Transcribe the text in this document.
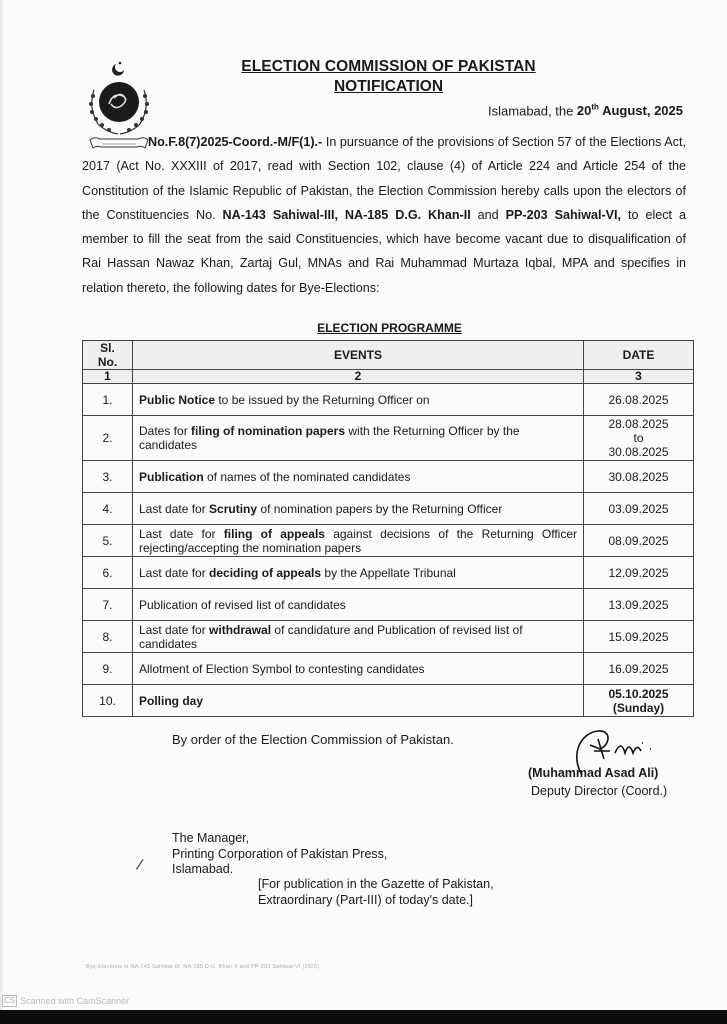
ELECTION COMMISSION OF PAKISTAN
NOTIFICATION
Islamabad, the 20th August, 2025
No.F.8(7)2025-Coord.-M/F(1).- In pursuance of the provisions of Section 57 of the Elections Act, 2017 (Act No. XXXIII of 2017, read with Section 102, clause (4) of Article 224 and Article 254 of the Constitution of the Islamic Republic of Pakistan, the Election Commission hereby calls upon the electors of the Constituencies No. NA-143 Sahiwal-III, NA-185 D.G. Khan-II and PP-203 Sahiwal-VI, to elect a member to fill the seat from the said Constituencies, which have become vacant due to disqualification of Rai Hassan Nawaz Khan, Zartaj Gul, MNAs and Rai Muhammad Murtaza Iqbal, MPA and specifies in relation thereto, the following dates for Bye-Elections:
ELECTION PROGRAMME
Sl. No.	EVENTS	DATE
1	2	3
1.	Public Notice to be issued by the Returning Officer on	26.08.2025
2.	Dates for filing of nomination papers with the Returning Officer by the candidates	28.08.2025
to
30.08.2025
3.	Publication of names of the nominated candidates	30.08.2025
4.	Last date for Scrutiny of nomination papers by the Returning Officer	03.09.2025
5.	Last date for filing of appeals against decisions of the Returning Officer rejecting/accepting the nomination papers	08.09.2025
6.	Last date for deciding of appeals by the Appellate Tribunal	12.09.2025
7.	Publication of revised list of candidates	13.09.2025
8.	Last date for withdrawal of candidature and Publication of revised list of candidates	15.09.2025
9.	Allotment of Election Symbol to contesting candidates	16.09.2025
10.	Polling day	05.10.2025
(Sunday)
By order of the Election Commission of Pakistan.
(Muhammad Asad Ali)
Deputy Director (Coord.)
The Manager,
Printing Corporation of Pakistan Press,
Islamabad.
/
[For publication in the Gazette of Pakistan,
Extraordinary (Part-III) of today's date.]
Bye-Elections in NA-143 Sahiwal-III, NA-185 D.G. Khan-II and PP-203 Sahiwal-VI (2025)
CS Scanned with CamScanner
